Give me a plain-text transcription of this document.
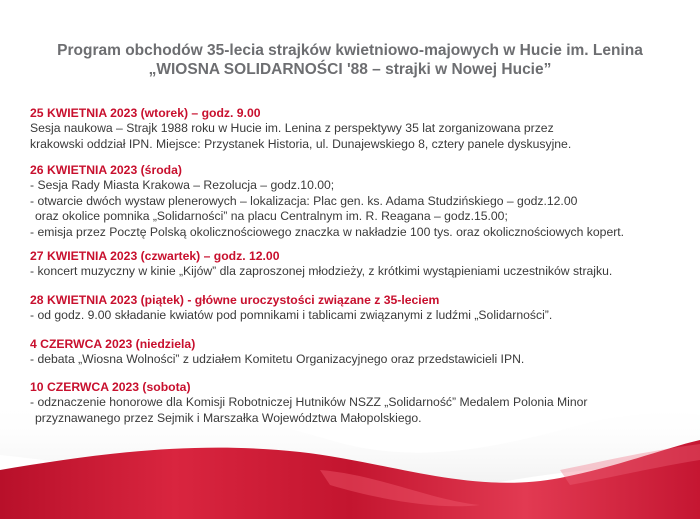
Program obchodów 35-lecia strajków kwietniowo-majowych w Hucie im. Lenina
„WIOSNA SOLIDARNOŚCI '88 – strajki w Nowej Hucie”
25 KWIETNIA 2023 (wtorek) – godz. 9.00
Sesja naukowa – Strajk 1988 roku w Hucie im. Lenina z perspektywy 35 lat zorganizowana przez
krakowski oddział IPN. Miejsce: Przystanek Historia, ul. Dunajewskiego 8, cztery panele dyskusyjne.
26 KWIETNIA 2023 (środa)
- Sesja Rady Miasta Krakowa – Rezolucja – godz.10.00;
- otwarcie dwóch wystaw plenerowych – lokalizacja: Plac gen. ks. Adama Studzińskiego – godz.12.00
oraz okolice pomnika „Solidarności” na placu Centralnym im. R. Reagana – godz.15.00;
- emisja przez Pocztę Polską okolicznościowego znaczka w nakładzie 100 tys. oraz okolicznościowych kopert.
27 KWIETNIA 2023 (czwartek) – godz. 12.00
- koncert muzyczny w kinie „Kijów” dla zaproszonej młodzieży, z krótkimi wystąpieniami uczestników strajku.
28 KWIETNIA 2023 (piątek) - główne uroczystości związane z 35-leciem
- od godz. 9.00 składanie kwiatów pod pomnikami i tablicami związanymi z ludźmi „Solidarności”.
4 CZERWCA 2023 (niedziela)
- debata „Wiosna Wolności” z udziałem Komitetu Organizacyjnego oraz przedstawicieli IPN.
10 CZERWCA 2023 (sobota)
- odznaczenie honorowe dla Komisji Robotniczej Hutników NSZZ „Solidarność” Medalem Polonia Minor
przyznawanego przez Sejmik i Marszałka Województwa Małopolskiego.
